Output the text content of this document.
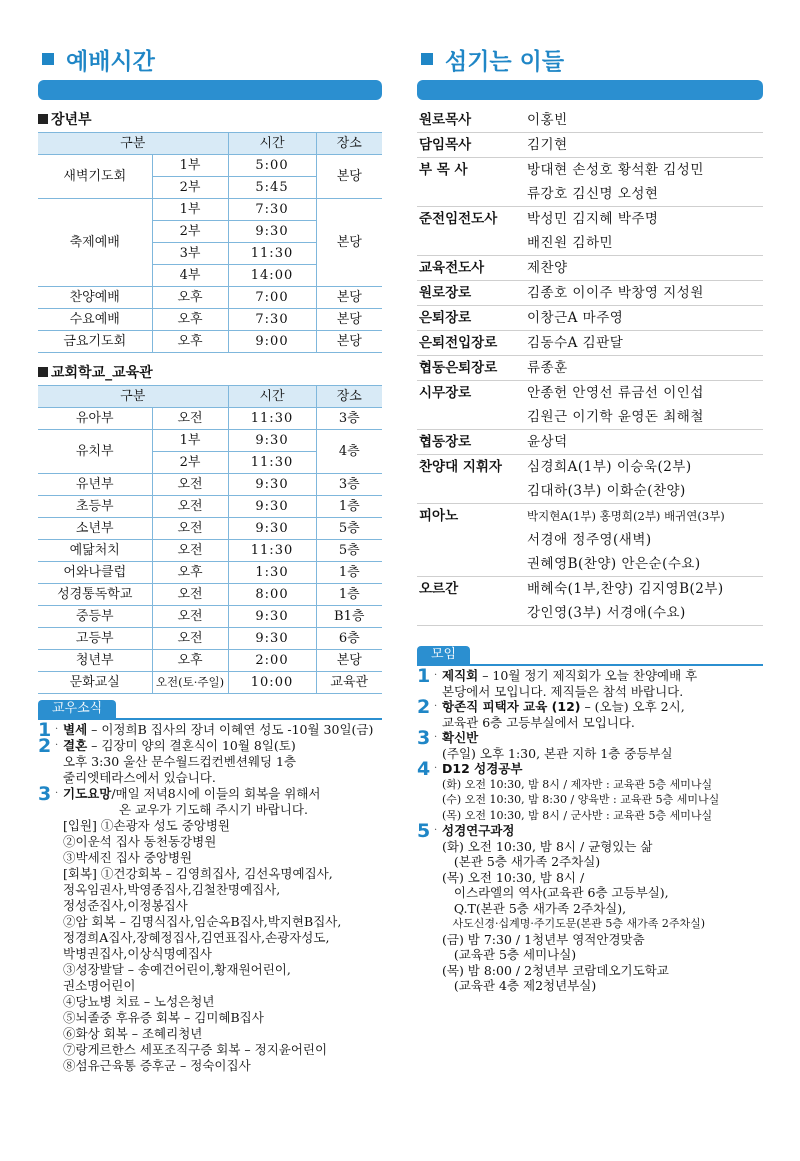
예배시간
장년부
구분		시간	장소
새벽기도회	1부	5:00	본당
	2부	5:45	
축제예배	1부	7:30	본당
	2부	9:30	
	3부	11:30	
	4부	14:00	
찬양예배	오후	7:00	본당
수요예배	오후	7:30	본당
금요기도회	오후	9:00	본당
교회학교_교육관
구분		시간	장소
유아부	오전	11:30	3층
유치부	1부	9:30	4층
	2부	11:30	
유년부	오전	9:30	3층
초등부	오전	9:30	1층
소년부	오전	9:30	5층
예닮처치	오전	11:30	5층
어와나클럽	오후	1:30	1층
성경통독학교	오전	8:00	1층
중등부	오전	9:30	B1층
고등부	오전	9:30	6층
청년부	오후	2:00	본당
문화교실	오전(토·주일)	10:00	교육관
교우소식
1 · 별세 – 이정희B 집사의 장녀 이혜연 성도 -10월 30일(금)
2 · 결혼 – 김장미 양의 결혼식이 10월 8일(토)
오후 3:30 울산 문수월드컵컨벤션웨딩 1층
줄리엣테라스에서 있습니다.
3 · 기도요망/매일 저녁8시에 이들의 회복을 위해서
온 교우가 기도해 주시기 바랍니다.
[입원] ①손광자 성도 중앙병원
②이운석 집사 동천동강병원
③박세진 집사 중앙병원
[회복] ①건강회복 – 김영희집사, 김선옥명예집사,
정옥임권사,박영종집사,김철찬명예집사,
정성준집사,이정봉집사
②암 회복 – 김명식집사,임순옥B집사,박지현B집사,
정경희A집사,장혜정집사,김연표집사,손광자성도,
박병권집사,이상식명예집사
③성장발달 – 송예건어린이,황재원어린이,
권소명어린이
④당뇨병 치료 – 노성은청년
⑤뇌졸중 후유증 회복 – 김미혜B집사
⑥화상 회복 – 조혜리청년
⑦랑게르한스 세포조직구증 회복 – 정지윤어린이
⑧섬유근육통 증후군 – 정숙이집사
섬기는 이들
원로목사	이홍빈
담임목사	김기현
부 목 사	방대현 손성호 황석환 김성민
류강호 김신명 오성현
준전임전도사	박성민 김지혜 박주명
배진원 김하민
교육전도사	제찬양
원로장로	김종호 이이주 박창영 지성원
은퇴장로	이창근A 마주영
은퇴전입장로	김동수A 김판달
협동은퇴장로	류종훈
시무장로	안종헌 안영선 류금선 이인섭
김원근 이기학 윤영돈 최해철
협동장로	윤상덕
찬양대 지휘자	심경희A(1부) 이승욱(2부)
김대하(3부) 이화순(찬양)
피아노	박지현A(1부) 홍명희(2부) 배귀연(3부)
서경애 정주영(새벽)
권혜영B(찬양) 안은순(수요)
오르간	배혜숙(1부,찬양) 김지영B(2부)
강인영(3부) 서경애(수요)
모임
1 · 제직회 – 10월 정기 제직회가 오늘 찬양예배 후
본당에서 모입니다. 제직들은 참석 바랍니다.
2 · 항존직 피택자 교육 (12) – (오늘) 오후 2시,
교육관 6층 고등부실에서 모입니다.
3 · 확신반
(주일) 오후 1:30, 본관 지하 1층 중등부실
4 · D12 성경공부
(화) 오전 10:30, 밤 8시 / 제자반 : 교육관 5층 세미나실
(수) 오전 10:30, 밤 8:30 / 양육반 : 교육관 5층 세미나실
(목) 오전 10:30, 밤 8시 / 군사반 : 교육관 5층 세미나실
5 · 성경연구과정
(화) 오전 10:30, 밤 8시 / 균형있는 삶
(본관 5층 새가족 2주차실)
(목) 오전 10:30, 밤 8시 /
이스라엘의 역사(교육관 6층 고등부실),
Q.T(본관 5층 새가족 2주차실),
사도신경·십계명·주기도문(본관 5층 새가족 2주차실)
(금) 밤 7:30 / 1청년부 영적안경맞춤
(교육관 5층 세미나실)
(목) 밤 8:00 / 2청년부 코람데오기도학교
(교육관 4층 제2청년부실)
